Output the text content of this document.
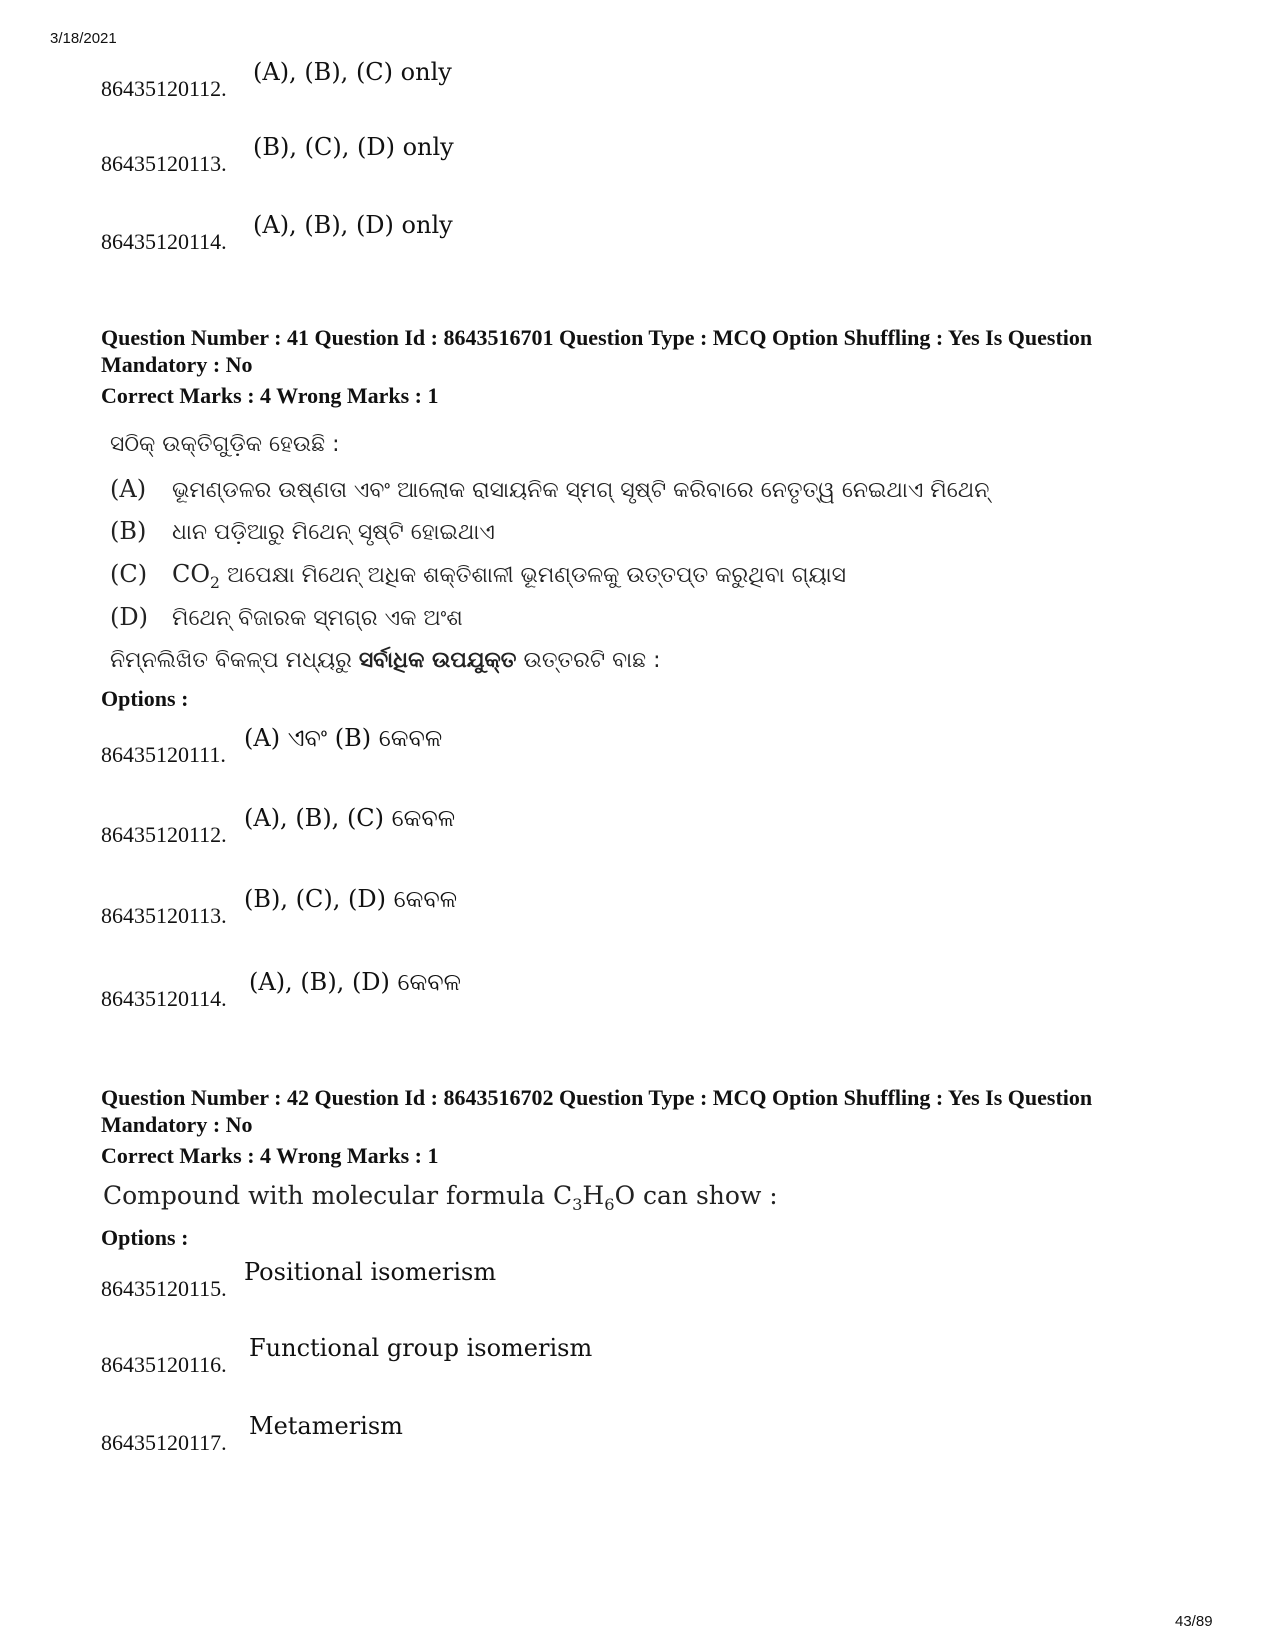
3/18/2021
86435120112.
(A), (B), (C) only
86435120113.
(B), (C), (D) only
86435120114.
(A), (B), (D) only
Question Number : 41 Question Id : 8643516701 Question Type : MCQ Option Shuffling : Yes Is Question Mandatory : No
Correct Marks : 4 Wrong Marks : 1
ସଠିକ୍ ଉକ୍ତିଗୁଡ଼ିକ ହେଉଛି :
(A) ଭୂମଣ୍ଡଳର ଉଷ୍ଣତା ଏବଂ ଆଲୋକ ରାସାୟନିକ ସ୍ମଗ୍ ସୃଷ୍ଟି କରିବାରେ ନେତୃତ୍ୱ ନେଇଥାଏ ମିଥେନ୍
(B) ଧାନ ପଡ଼ିଆରୁ ମିଥେନ୍ ସୃଷ୍ଟି ହୋଇଥାଏ
(C) $CO_2$ ଅପେକ୍ଷା ମିଥେନ୍ ଅଧିକ ଶକ୍ତିଶାଳୀ ଭୂମଣ୍ଡଳକୁ ଉତ୍ତପ୍ତ କରୁଥିବା ଗ୍ୟାସ
(D) ମିଥେନ୍ ବିଜାରକ ସ୍ମଗ୍ର ଏକ ଅଂଶ
ନିମ୍ନଲିଖିତ ବିକଳ୍ପ ମଧ୍ୟରୁ ସର୍ବାଧିକ ଉପଯୁକ୍ତ ଉତ୍ତରଟି ବାଛ :
Options :
86435120111.
(A) ଏବଂ (B) କେବଳ
86435120112.
(A), (B), (C) କେବଳ
86435120113.
(B), (C), (D) କେବଳ
86435120114.
(A), (B), (D) କେବଳ
Question Number : 42 Question Id : 8643516702 Question Type : MCQ Option Shuffling : Yes Is Question Mandatory : No
Correct Marks : 4 Wrong Marks : 1
Compound with molecular formula $C_3H_6O$ can show :
Options :
86435120115.
Positional isomerism
86435120116.
Functional group isomerism
86435120117.
Metamerism
43/89
